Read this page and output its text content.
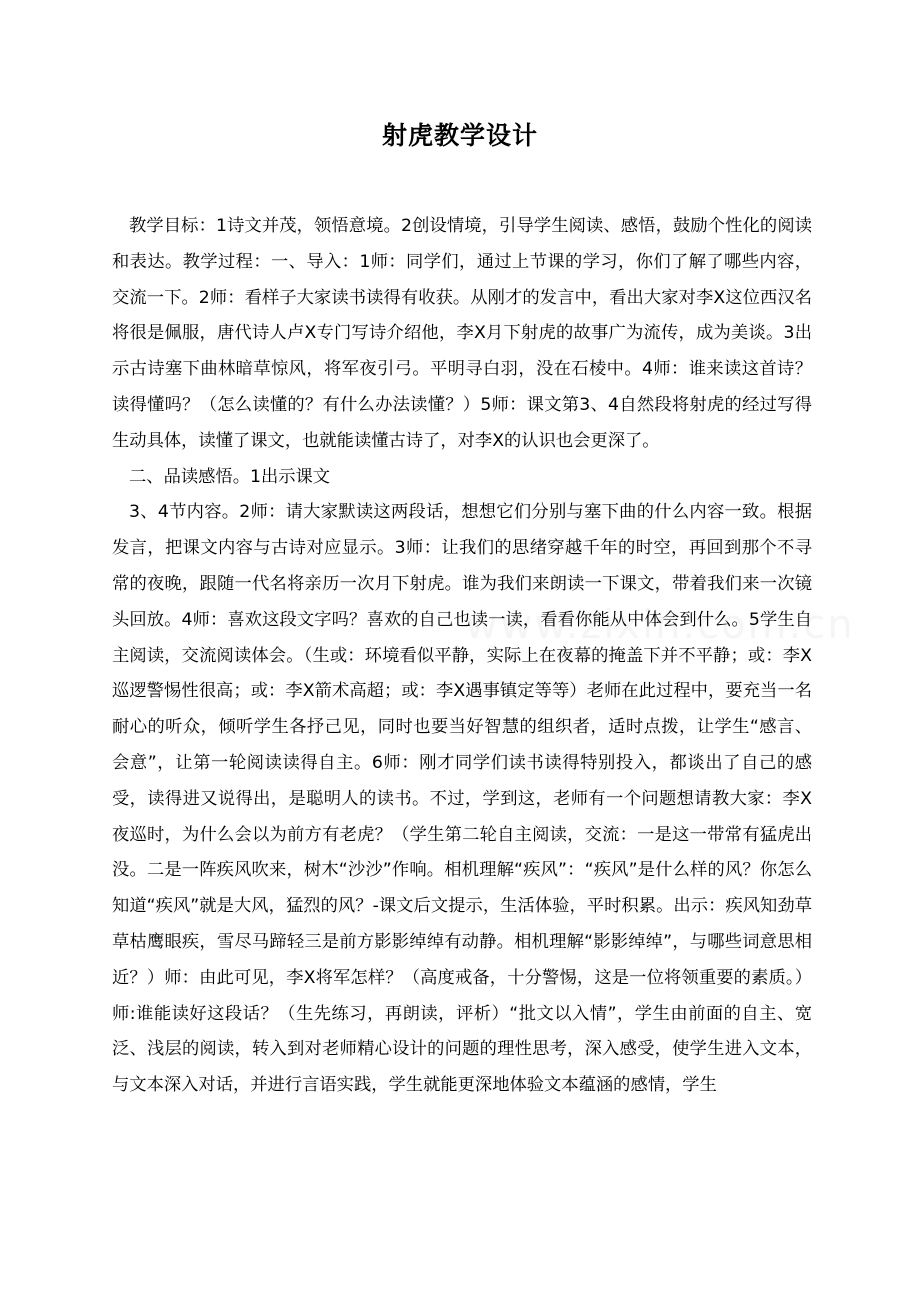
射虎教学设计

教学目标：1诗文并茂，领悟意境。2创设情境，引导学生阅读、感悟，鼓励个性化的阅读和表达。教学过程：一、导入：1师：同学们，通过上节课的学习，你们了解了哪些内容，交流一下。2师：看样子大家读书读得有收获。从刚才的发言中，看出大家对李X这位西汉名将很是佩服，唐代诗人卢X专门写诗介绍他，李X月下射虎的故事广为流传，成为美谈。3出示古诗塞下曲林暗草惊风，将军夜引弓。平明寻白羽，没在石棱中。4师：谁来读这首诗？读得懂吗？（怎么读懂的？有什么办法读懂？）5师：课文第3、4自然段将射虎的经过写得生动具体，读懂了课文，也就能读懂古诗了，对李X的认识也会更深了。

二、品读感悟。1出示课文

3、4节内容。2师：请大家默读这两段话，想想它们分别与塞下曲的什么内容一致。根据发言，把课文内容与古诗对应显示。3师：让我们的思绪穿越千年的时空，再回到那个不寻常的夜晚，跟随一代名将亲历一次月下射虎。谁为我们来朗读一下课文，带着我们来一次镜头回放。4师：喜欢这段文字吗？喜欢的自己也读一读，看看你能从中体会到什么。5学生自主阅读，交流阅读体会。（生或：环境看似平静，实际上在夜幕的掩盖下并不平静；或：李X巡逻警惕性很高；或：李X箭术高超；或：李X遇事镇定等等）老师在此过程中，要充当一名耐心的听众，倾听学生各抒己见，同时也要当好智慧的组织者，适时点拨，让学生“感言、会意”，让第一轮阅读读得自主。6师：刚才同学们读书读得特别投入，都谈出了自己的感受，读得进又说得出，是聪明人的读书。不过，学到这，老师有一个问题想请教大家：李X夜巡时，为什么会以为前方有老虎？（学生第二轮自主阅读，交流：一是这一带常有猛虎出没。二是一阵疾风吹来，树木“沙沙”作响。相机理解“疾风”：“疾风”是什么样的风？你怎么知道“疾风”就是大风，猛烈的风？-课文后文提示，生活体验，平时积累。出示：疾风知劲草草枯鹰眼疾，雪尽马蹄轻三是前方影影绰绰有动静。相机理解“影影绰绰”，与哪些词意思相近？）师：由此可见，李X将军怎样？（高度戒备，十分警惕，这是一位将领重要的素质。）师:谁能读好这段话？（生先练习，再朗读，评析）“批文以入情”，学生由前面的自主、宽泛、浅层的阅读，转入到对老师精心设计的问题的理性思考，深入感受，使学生进入文本，与文本深入对话，并进行言语实践，学生就能更深地体验文本蕴涵的感情，学生
